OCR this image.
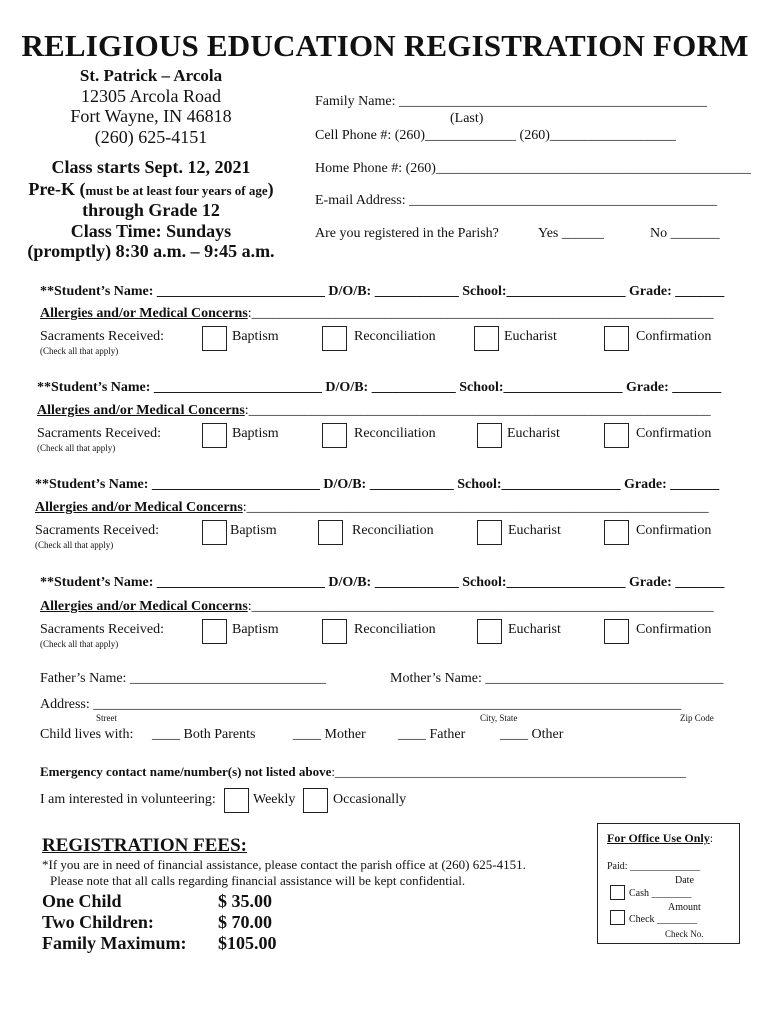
RELIGIOUS EDUCATION REGISTRATION FORM
St. Patrick – Arcola
12305 Arcola Road
Fort Wayne, IN 46818
(260) 625-4151
Class starts Sept. 12, 2021
Pre-K (must be at least four years of age)
through Grade 12
Class Time: Sundays
(promptly) 8:30 a.m. – 9:45 a.m.
Family Name: ____________________________________________
(Last)
Cell Phone #: (260)_____________ (260)__________________
Home Phone #: (260)_____________________________________________
E-mail Address: ____________________________________________
Are you registered in the Parish?	Yes ______	No _______
**Student’s Name: ________________________ D/O/B: ____________ School:_________________ Grade: _______
Allergies and/or Medical Concerns:__________________________________________________________________
Sacraments Received:
(Check all that apply)
Baptism	Reconciliation	Eucharist	Confirmation
**Student’s Name: ________________________ D/O/B: ____________ School:_________________ Grade: _______
Allergies and/or Medical Concerns:__________________________________________________________________
Sacraments Received:
(Check all that apply)
Baptism	Reconciliation	Eucharist	Confirmation
**Student’s Name: ________________________ D/O/B: ____________ School:_________________ Grade: _______
Allergies and/or Medical Concerns:__________________________________________________________________
Sacraments Received:
(Check all that apply)
Baptism	Reconciliation	Eucharist	Confirmation
**Student’s Name: ________________________ D/O/B: ____________ School:_________________ Grade: _______
Allergies and/or Medical Concerns:__________________________________________________________________
Sacraments Received:
(Check all that apply)
Baptism	Reconciliation	Eucharist	Confirmation
Father’s Name: ____________________________	Mother’s Name: __________________________________
Address: ____________________________________________________________________________________
Street	City, State	Zip Code
Child lives with: ____ Both Parents	____ Mother ____ Father ____ Other
Emergency contact name/number(s) not listed above:______________________________________________________
I am interested in volunteering:	Weekly	Occasionally
REGISTRATION FEES:
*If you are in need of financial assistance, please contact the parish office at (260) 625-4151.
Please note that all calls regarding financial assistance will be kept confidential.
One Child	$ 35.00
Two Children:	$ 70.00
Family Maximum: $105.00
For Office Use Only:
Paid: ______________
Date
Cash ________
Amount
Check ________
Check No.
